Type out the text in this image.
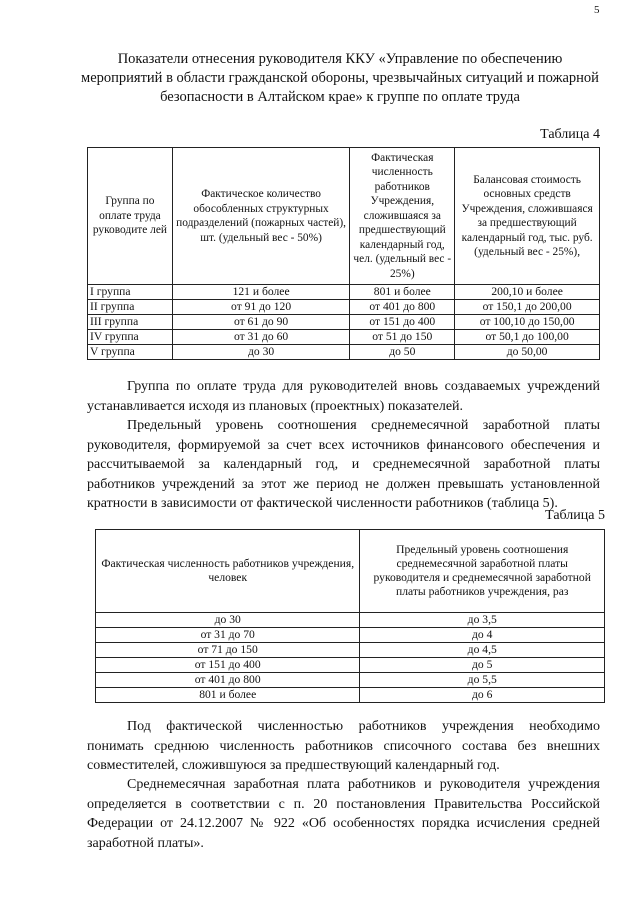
5
Показатели отнесения руководителя ККУ «Управление по обеспечению мероприятий в области гражданской обороны, чрезвычайных ситуаций и пожарной безопасности в Алтайском крае» к группе по оплате труда
Таблица 4
Группа по оплате труда руководите лей	Фактическое количество обособленных структурных подразделений (пожарных частей), шт. (удельный вес - 50%)	Фактическая численность работников Учреждения, сложившаяся за предшествующий календарный год, чел. (удельный вес - 25%)	Балансовая стоимость основных средств Учреждения, сложившаяся за предшествующий календарный год, тыс. руб. (удельный вес - 25%),
I группа	121 и более	801 и более	200,10 и более
II группа	от 91 до 120	от 401 до 800	от 150,1 до 200,00
III группа	от 61 до 90	от 151 до 400	от 100,10 до 150,00
IV группа	от 31 до 60	от 51 до 150	от 50,1 до 100,00
V группа	до 30	до 50	до 50,00
Группа по оплате труда для руководителей вновь создаваемых учреждений устанавливается исходя из плановых (проектных) показателей.
Предельный уровень соотношения среднемесячной заработной платы руководителя, формируемой за счет всех источников финансового обеспечения и рассчитываемой за календарный год, и среднемесячной заработной платы работников учреждений за этот же период не должен превышать установленной кратности в зависимости от фактической численности работников (таблица 5).
Таблица 5
Фактическая численность работников учреждения, человек	Предельный уровень соотношения среднемесячной заработной платы руководителя и среднемесячной заработной платы работников учреждения, раз
до 30	до 3,5
от 31 до 70	до 4
от 71 до 150	до 4,5
от 151 до 400	до 5
от 401 до 800	до 5,5
801 и более	до 6
Под фактической численностью работников учреждения необходимо понимать среднюю численность работников списочного состава без внешних совместителей, сложившуюся за предшествующий календарный год.
Среднемесячная заработная плата работников и руководителя учреждения определяется в соответствии с п. 20 постановления Правительства Российской Федерации от 24.12.2007 № 922 «Об особенностях порядка исчисления средней заработной платы».
